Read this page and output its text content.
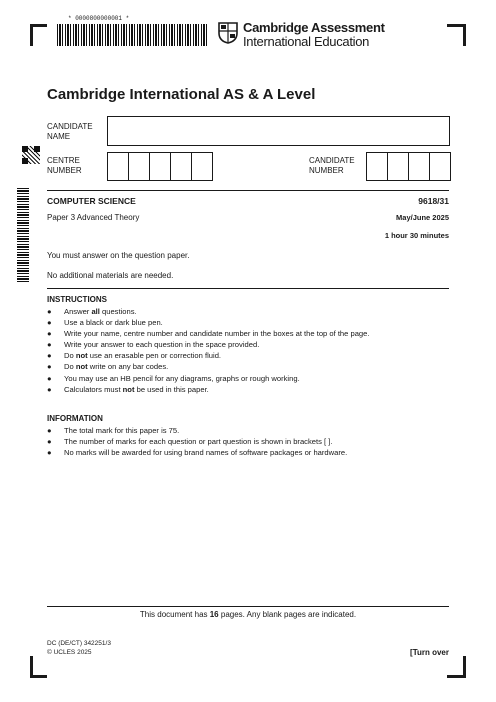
* 0000800000001 *
Cambridge Assessment
International Education
Cambridge International AS & A Level
CANDIDATE
NAME
CENTRE
NUMBER
CANDIDATE
NUMBER
COMPUTER SCIENCE	9618/31
Paper 3 Advanced Theory	May/June 2025
1 hour 30 minutes
You must answer on the question paper.
No additional materials are needed.
INSTRUCTIONS
● Answer all questions.
● Use a black or dark blue pen.
● Write your name, centre number and candidate number in the boxes at the top of the page.
● Write your answer to each question in the space provided.
● Do not use an erasable pen or correction fluid.
● Do not write on any bar codes.
● You may use an HB pencil for any diagrams, graphs or rough working.
● Calculators must not be used in this paper.
INFORMATION
● The total mark for this paper is 75.
● The number of marks for each question or part question is shown in brackets [ ].
● No marks will be awarded for using brand names of software packages or hardware.
This document has 16 pages. Any blank pages are indicated.
DC (DE/CT) 342251/3
© UCLES 2025	[Turn over
